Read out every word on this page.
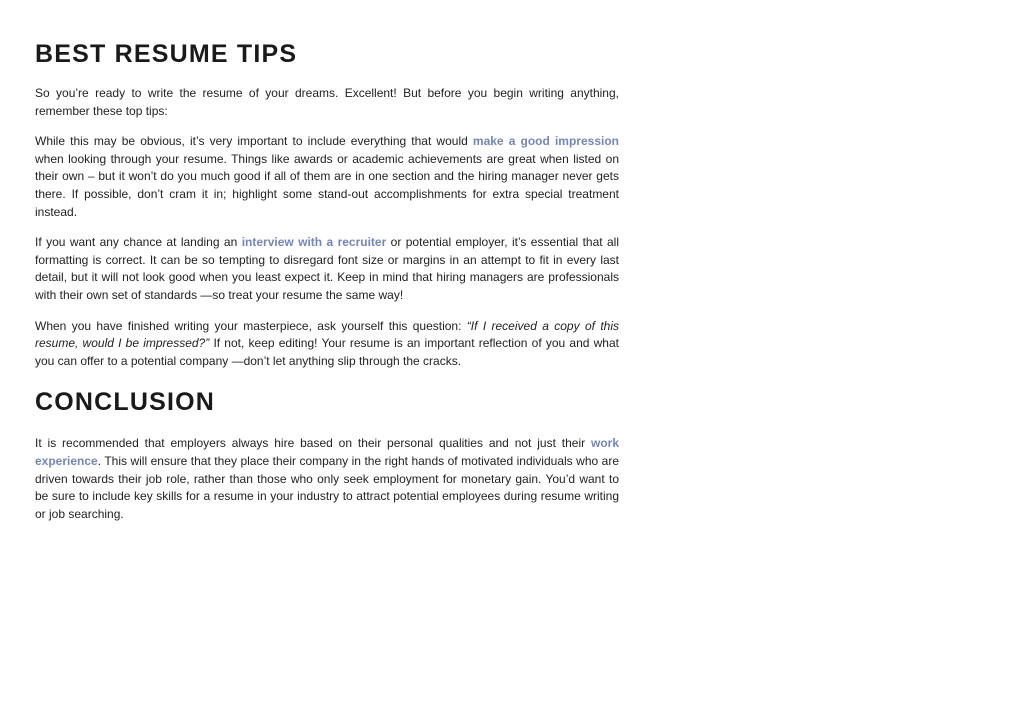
BEST RESUME TIPS

So you’re ready to write the resume of your dreams. Excellent! But before you begin writing anything, remember these top tips:

While this may be obvious, it’s very important to include everything that would make a good impression when looking through your resume. Things like awards or academic achievements are great when listed on their own – but it won’t do you much good if all of them are in one section and the hiring manager never gets there. If possible, don’t cram it in; highlight some stand-out accomplishments for extra special treatment instead.

If you want any chance at landing an interview with a recruiter or potential employer, it’s essential that all formatting is correct. It can be so tempting to disregard font size or margins in an attempt to fit in every last detail, but it will not look good when you least expect it. Keep in mind that hiring managers are professionals with their own set of standards —so treat your resume the same way!

When you have finished writing your masterpiece, ask yourself this question: “If I received a copy of this resume, would I be impressed?” If not, keep editing! Your resume is an important reflection of you and what you can offer to a potential company —don’t let anything slip through the cracks.

CONCLUSION

It is recommended that employers always hire based on their personal qualities and not just their work experience. This will ensure that they place their company in the right hands of motivated individuals who are driven towards their job role, rather than those who only seek employment for monetary gain. You’d want to be sure to include key skills for a resume in your industry to attract potential employees during resume writing or job searching.
